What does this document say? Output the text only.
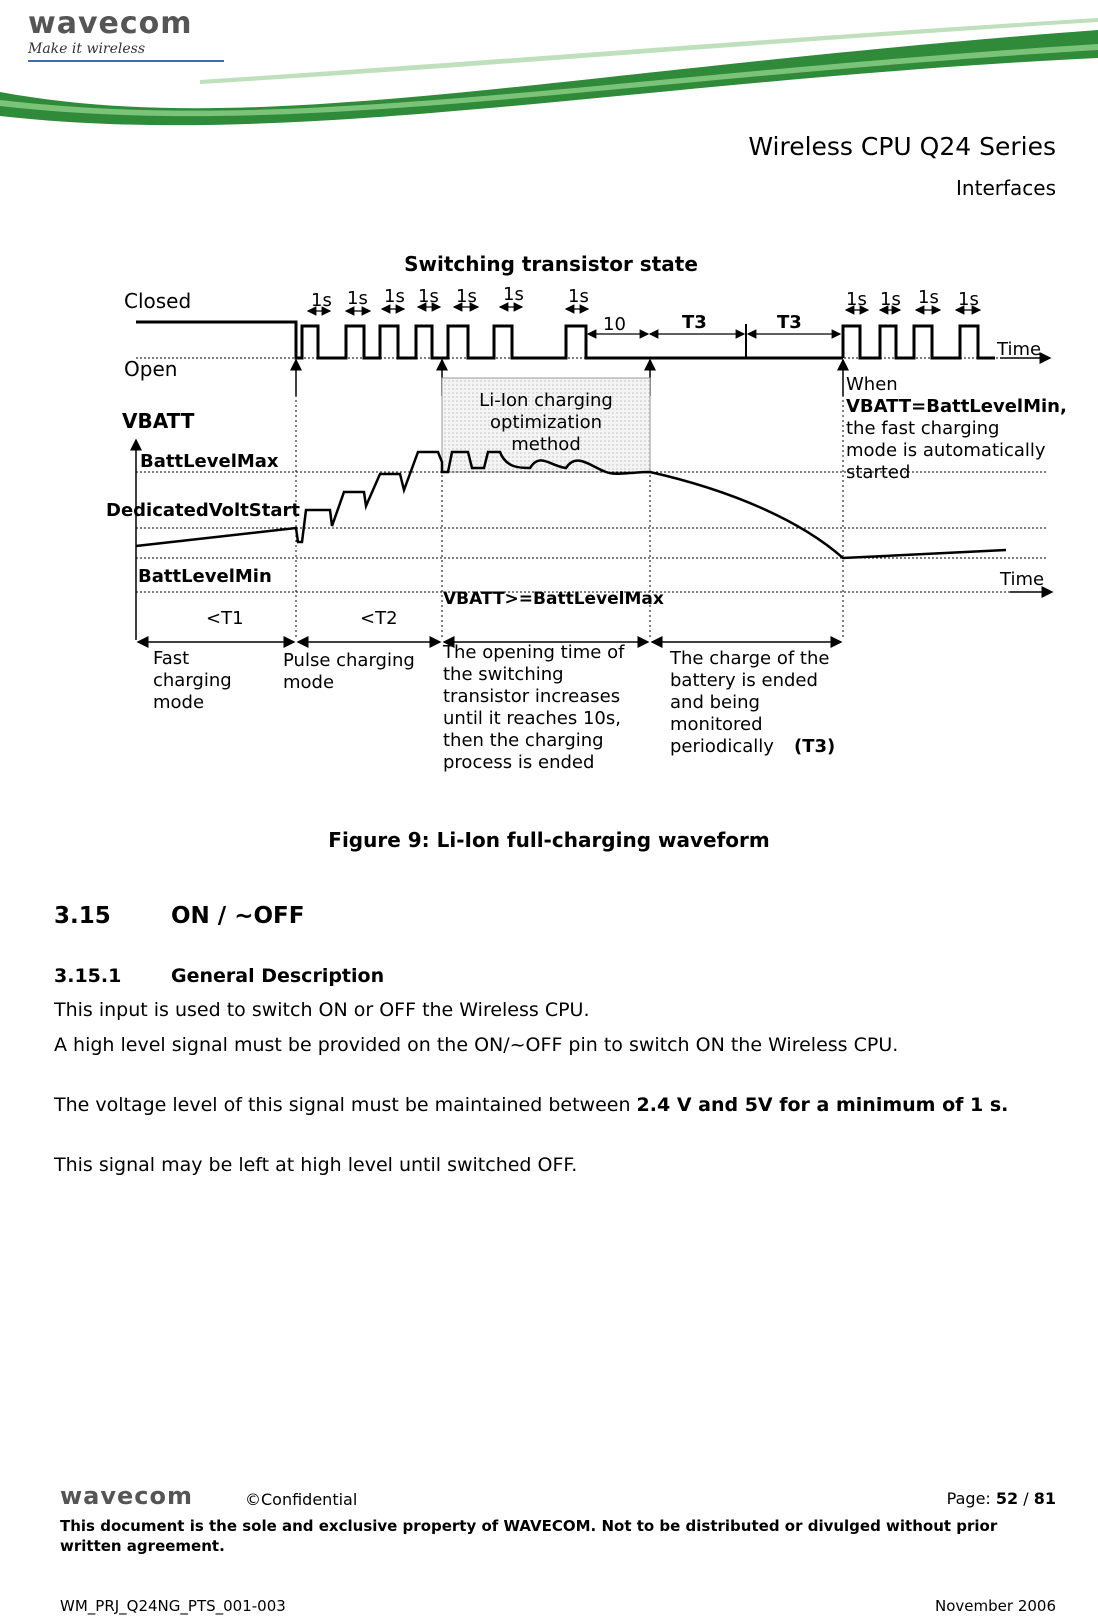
wavecom
Make it wireless
Wireless CPU Q24 Series
Interfaces
Switching transistor state
Closed
Open
Time
1s 1s 1s 1s 1s 1s 1s	1s 1s 1s 1s
10	T3	T3
Li-Ion charging
optimization
method
When
VBATT=BattLevelMin,
the fast charging
mode is automatically
started
VBATT
Time
BattLevelMax
DedicatedVoltStart
BattLevelMin
<T1	<T2
VBATT>=BattLevelMax
Fast
charging
mode
Pulse charging
mode
The opening time of
the switching
transistor increases
until it reaches 10s,
then the charging
process is ended
The charge of the
battery is ended
and being
monitored
periodically (T3)
Figure 9: Li-Ion full-charging waveform
3.15	ON / ~OFF
3.15.1	General Description
This input is used to switch ON or OFF the Wireless CPU.
A high level signal must be provided on the ON/~OFF pin to switch ON the Wireless CPU.
The voltage level of this signal must be maintained between 2.4 V and 5V for a minimum of 1 s.
This signal may be left at high level until switched OFF.
wavecom	©Confidential	Page: 52 / 81
This document is the sole and exclusive property of WAVECOM. Not to be distributed or divulged without prior written agreement.
WM_PRJ_Q24NG_PTS_001-003	November 2006
